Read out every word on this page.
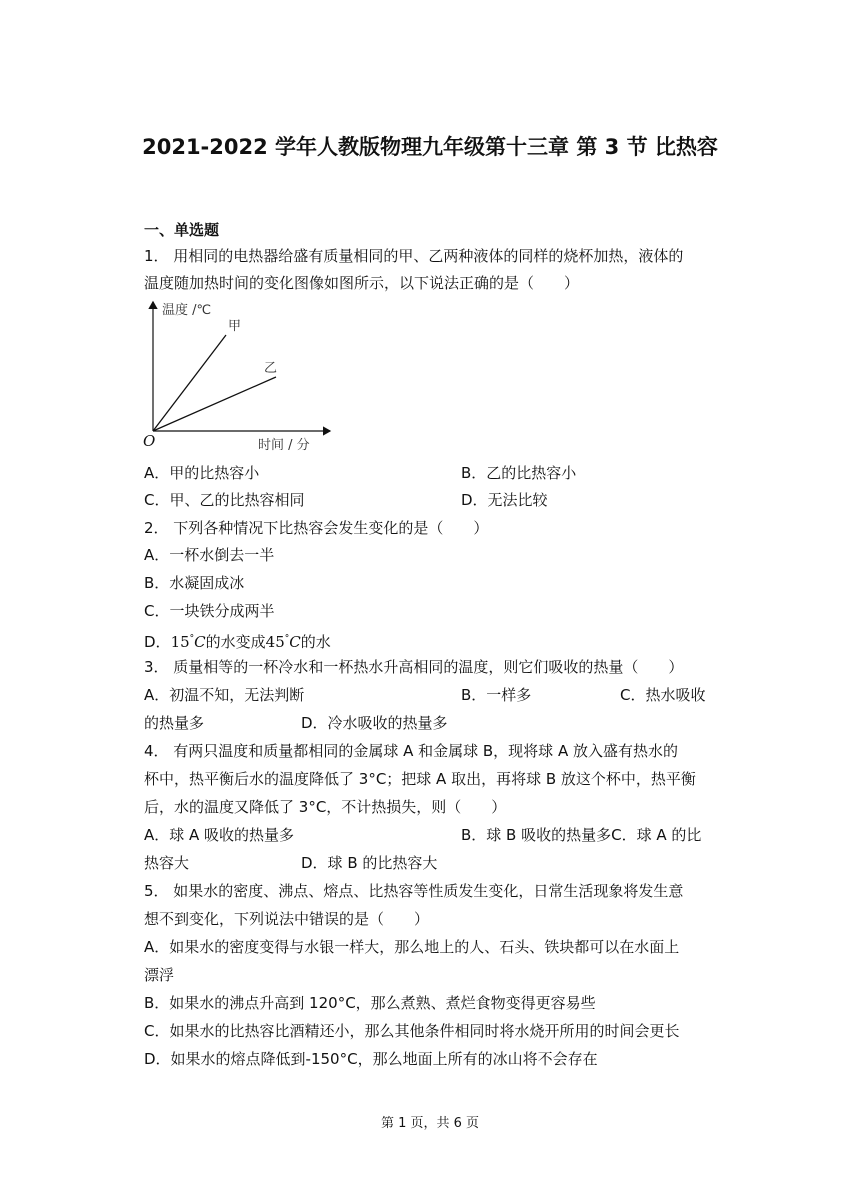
2021-2022 学年人教版物理九年级第十三章 第 3 节 比热容
一、单选题
1． 用相同的电热器给盛有质量相同的甲、乙两种液体的同样的烧杯加热，液体的
温度随加热时间的变化图像如图所示，以下说法正确的是（　　）
温度 /℃
时间 / 分
O
甲
乙
A．甲的比热容小	B．乙的比热容小
C．甲、乙的比热容相同	D．无法比较
2． 下列各种情况下比热容会发生变化的是（　　）
A．一杯水倒去一半
B．水凝固成冰
C．一块铁分成两半
D．15°C的水变成45°C的水
3． 质量相等的一杯冷水和一杯热水升高相同的温度，则它们吸收的热量（　　）
A．初温不知，无法判断	B．一样多	C．热水吸收
的热量多	D．冷水吸收的热量多
4． 有两只温度和质量都相同的金属球 A 和金属球 B，现将球 A 放入盛有热水的
杯中，热平衡后水的温度降低了 3°C；把球 A 取出，再将球 B 放这个杯中，热平衡
后，水的温度又降低了 3°C，不计热损失，则（　　）
A．球 A 吸收的热量多	B．球 B 吸收的热量多C．球 A 的比
热容大	D．球 B 的比热容大
5． 如果水的密度、沸点、熔点、比热容等性质发生变化，日常生活现象将发生意
想不到变化，下列说法中错误的是（　　）
A．如果水的密度变得与水银一样大，那么地上的人、石头、铁块都可以在水面上
漂浮
B．如果水的沸点升高到 120°C，那么煮熟、煮烂食物变得更容易些
C．如果水的比热容比酒精还小，那么其他条件相同时将水烧开所用的时间会更长
D．如果水的熔点降低到-150°C，那么地面上所有的冰山将不会存在
第 1 页，共 6 页
